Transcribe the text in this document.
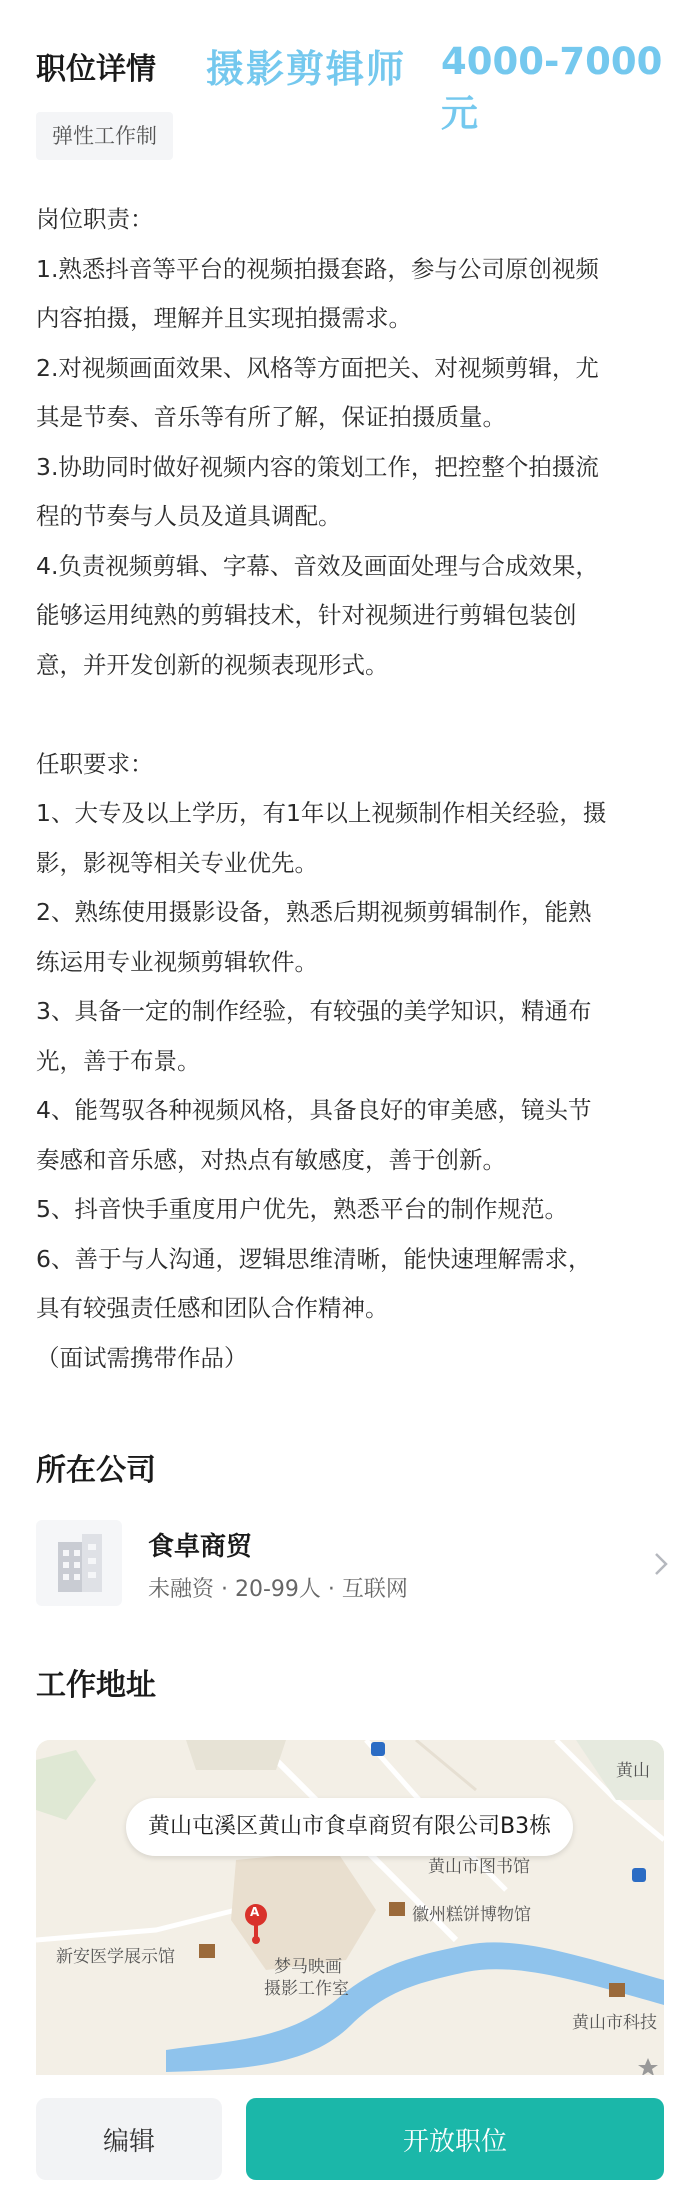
职位详情 摄影剪辑师 4000-7000元
弹性工作制
岗位职责：
1.熟悉抖音等平台的视频拍摄套路，参与公司原创视频
内容拍摄，理解并且实现拍摄需求。
2.对视频画面效果、风格等方面把关、对视频剪辑，尤
其是节奏、音乐等有所了解，保证拍摄质量。
3.协助同时做好视频内容的策划工作，把控整个拍摄流
程的节奏与人员及道具调配。
4.负责视频剪辑、字幕、音效及画面处理与合成效果，
能够运用纯熟的剪辑技术，针对视频进行剪辑包装创
意，并开发创新的视频表现形式。
任职要求：
1、大专及以上学历，有1年以上视频制作相关经验，摄
影，影视等相关专业优先。
2、熟练使用摄影设备，熟悉后期视频剪辑制作，能熟
练运用专业视频剪辑软件。
3、具备一定的制作经验，有较强的美学知识，精通布
光，善于布景。
4、能驾驭各种视频风格，具备良好的审美感，镜头节
奏感和音乐感，对热点有敏感度，善于创新。
5、抖音快手重度用户优先，熟悉平台的制作规范。
6、善于与人沟通，逻辑思维清晰，能快速理解需求，
具有较强责任感和团队合作精神。
（面试需携带作品）
所在公司
食卓商贸
未融资 · 20-99人 · 互联网
工作地址
A
黄山
黄山市图书馆
徽州糕饼博物馆
新安医学展示馆	梦马映画
摄影工作室
黄山市科技
黄山屯溪区黄山市食卓商贸有限公司B3栋
编辑	开放职位
